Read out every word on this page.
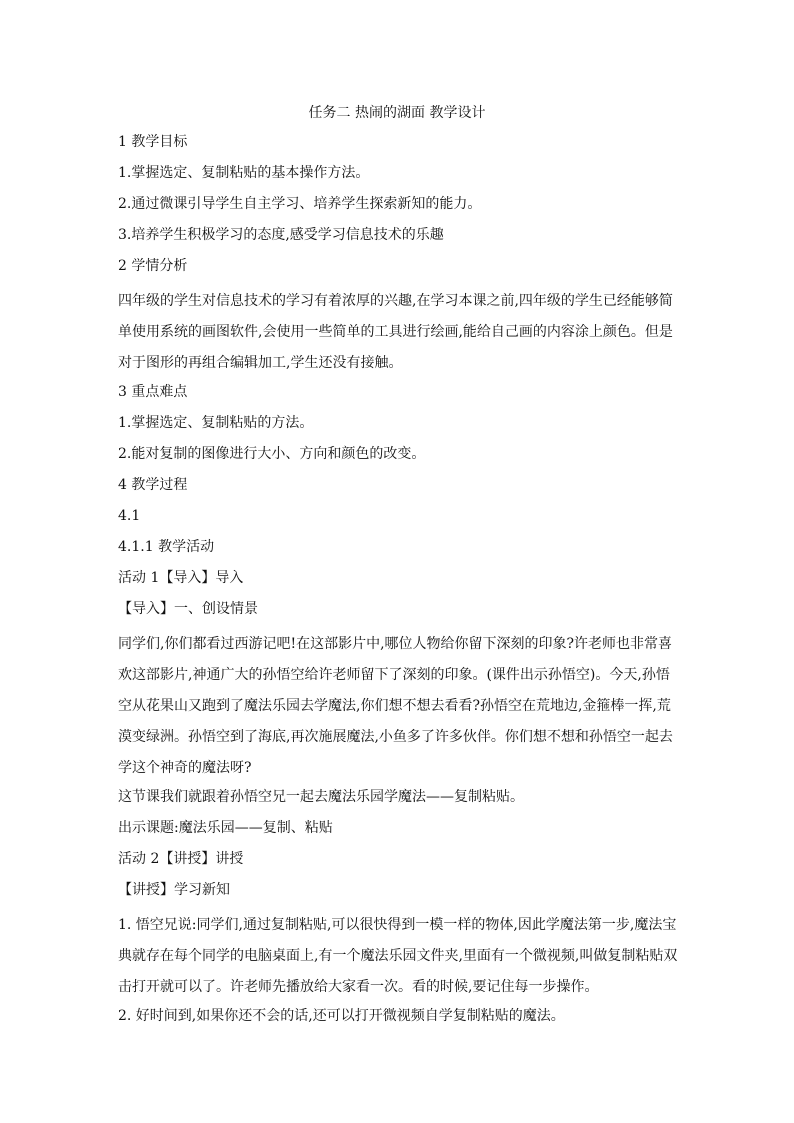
任务二 热闹的湖面 教学设计

1 教学目标

1.掌握选定、复制粘贴的基本操作方法。

2.通过微课引导学生自主学习、培养学生探索新知的能力。

3.培养学生积极学习的态度,感受学习信息技术的乐趣

2 学情分析

四年级的学生对信息技术的学习有着浓厚的兴趣,在学习本课之前,四年级的学生已经能够简
单使用系统的画图软件,会使用一些简单的工具进行绘画,能给自己画的内容涂上颜色。但是
对于图形的再组合编辑加工,学生还没有接触。

3 重点难点

1.掌握选定、复制粘贴的方法。

2.能对复制的图像进行大小、方向和颜色的改变。

4 教学过程

4.1

4.1.1 教学活动

活动 1【导入】导入

【导入】一、创设情景

同学们,你们都看过西游记吧!在这部影片中,哪位人物给你留下深刻的印象?许老师也非常喜
欢这部影片,神通广大的孙悟空给许老师留下了深刻的印象。(课件出示孙悟空)。今天,孙悟
空从花果山又跑到了魔法乐园去学魔法,你们想不想去看看?孙悟空在荒地边,金箍棒一挥,荒
漠变绿洲。孙悟空到了海底,再次施展魔法,小鱼多了许多伙伴。你们想不想和孙悟空一起去
学这个神奇的魔法呀?

这节课我们就跟着孙悟空兄一起去魔法乐园学魔法——复制粘贴。

出示课题:魔法乐园——复制、粘贴

活动 2【讲授】讲授

【讲授】学习新知

1. 悟空兄说:同学们,通过复制粘贴,可以很快得到一模一样的物体,因此学魔法第一步,魔法宝
典就存在每个同学的电脑桌面上,有一个魔法乐园文件夹,里面有一个微视频,叫做复制粘贴双
击打开就可以了。许老师先播放给大家看一次。看的时候,要记住每一步操作。

2. 好时间到,如果你还不会的话,还可以打开微视频自学复制粘贴的魔法。
